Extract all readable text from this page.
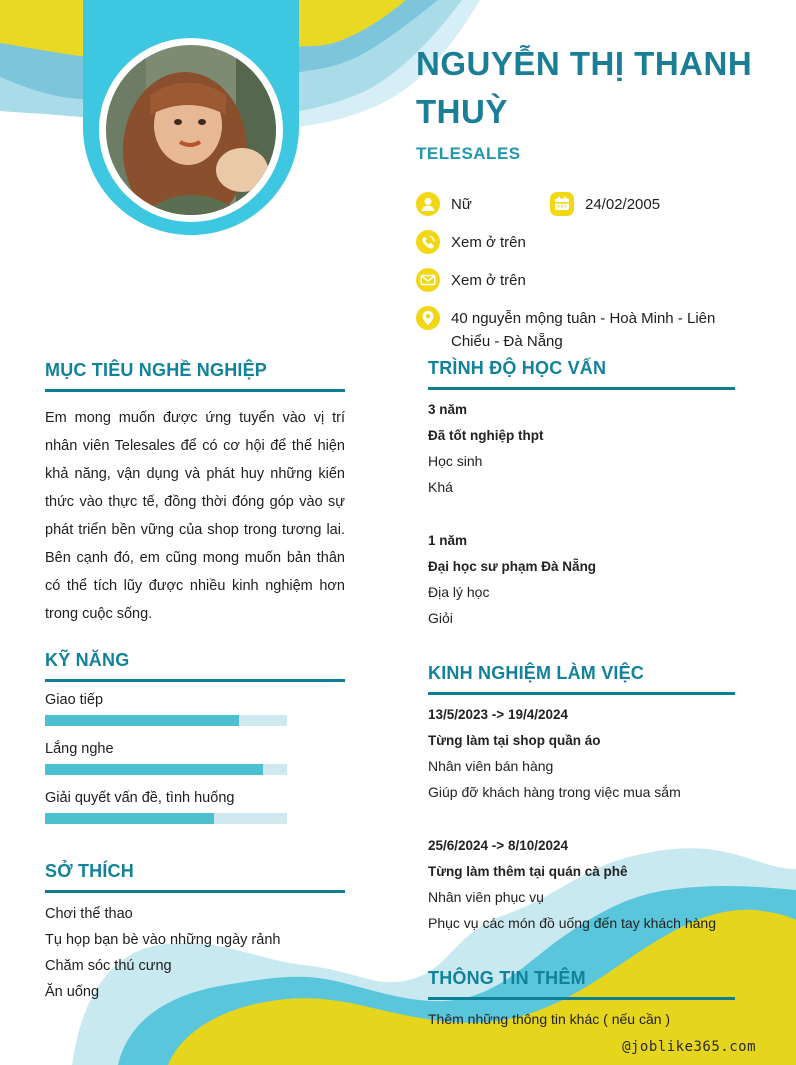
NGUYỄN THỊ THANH THUỲ
TELESALES
Nữ	24/02/2005
Xem ở trên
Xem ở trên
40 nguyễn mộng tuân - Hoà Minh - Liên Chiểu - Đà Nẵng
MỤC TIÊU NGHỀ NGHIỆP

Em mong muốn được ứng tuyển vào vị trí nhân viên Telesales để có cơ hội để thể hiện khả năng, vận dụng và phát huy những kiến thức vào thực tế, đồng thời đóng góp vào sự phát triển bền vững của shop trong tương lai. Bên cạnh đó, em cũng mong muốn bản thân có thể tích lũy được nhiều kinh nghiệm hơn trong cuộc sống.

KỸ NĂNG

Giao tiếp

Lắng nghe

Giải quyết vấn đề, tình huống

SỞ THÍCH
Chơi thể thao
Tụ họp bạn bè vào những ngày rảnh
Chăm sóc thú cưng
Ăn uống
TRÌNH ĐỘ HỌC VẤN

3 năm

Đã tốt nghiệp thpt

Học sinh

Khá

1 năm

Đại học sư phạm Đà Nẵng

Địa lý học

Giỏi

KINH NGHIỆM LÀM VIỆC

13/5/2023 -> 19/4/2024

Từng làm tại shop quần áo

Nhân viên bán hàng

Giúp đỡ khách hàng trong việc mua sắm

25/6/2024 -> 8/10/2024

Từng làm thêm tại quán cà phê

Nhân viên phục vụ

Phục vụ các món đồ uống đến tay khách hàng

THÔNG TIN THÊM

Thêm những thông tin khác ( nếu cần )

@joblike365.com
